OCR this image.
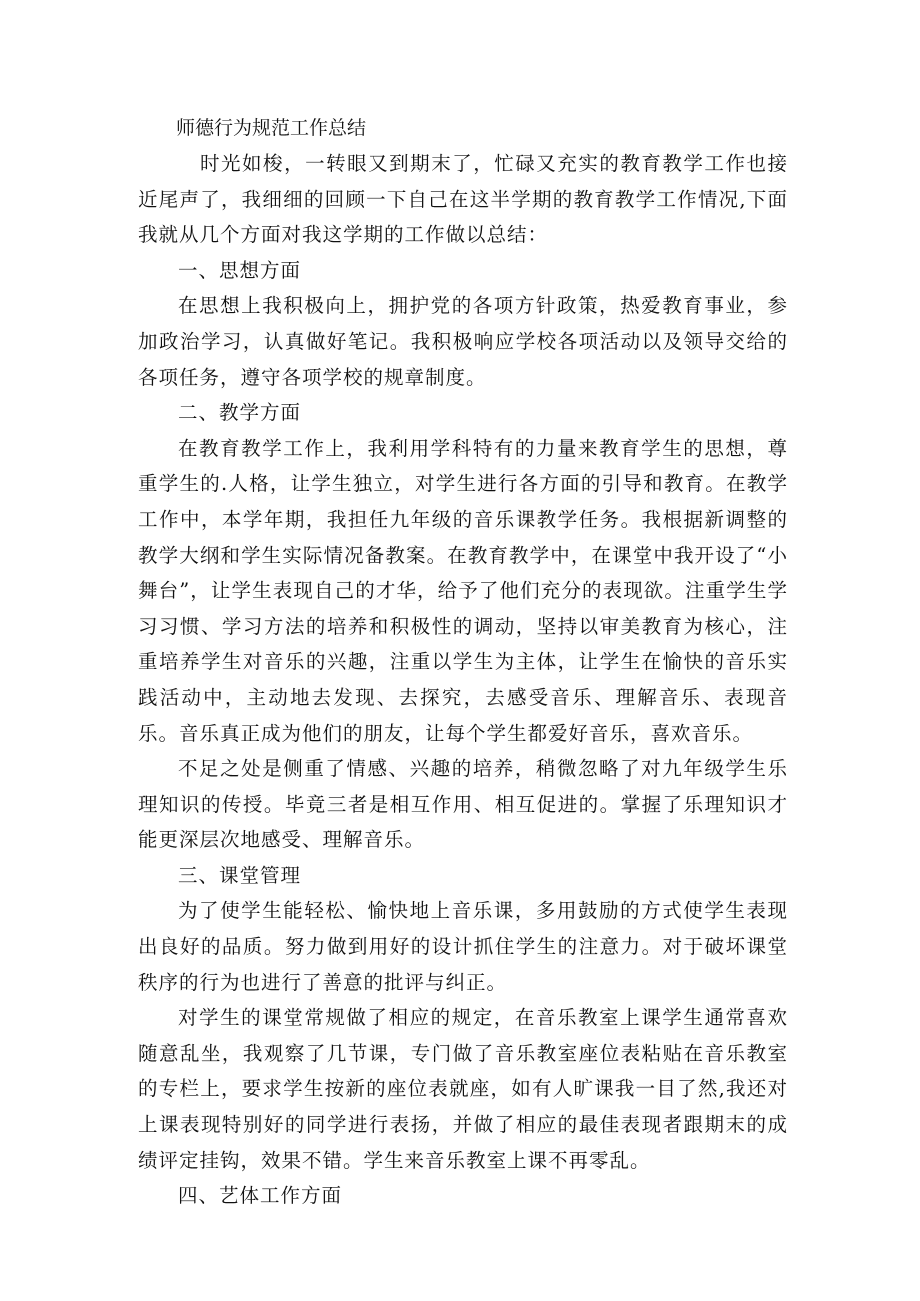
师德行为规范工作总结

时光如梭，一转眼又到期末了，忙碌又充实的教育教学工作也接近尾声了，我细细的回顾一下自己在这半学期的教育教学工作情况,下面我就从几个方面对我这学期的工作做以总结：

一、思想方面

在思想上我积极向上，拥护党的各项方针政策，热爱教育事业，参加政治学习，认真做好笔记。我积极响应学校各项活动以及领导交给的各项任务，遵守各项学校的规章制度。

二、教学方面

在教育教学工作上，我利用学科特有的力量来教育学生的思想，尊重学生的.人格，让学生独立，对学生进行各方面的引导和教育。在教学工作中，本学年期，我担任九年级的音乐课教学任务。我根据新调整的教学大纲和学生实际情况备教案。在教育教学中，在课堂中我开设了“小舞台”，让学生表现自己的才华，给予了他们充分的表现欲。注重学生学习习惯、学习方法的培养和积极性的调动，坚持以审美教育为核心，注重培养学生对音乐的兴趣，注重以学生为主体，让学生在愉快的音乐实践活动中，主动地去发现、去探究，去感受音乐、理解音乐、表现音乐。音乐真正成为他们的朋友，让每个学生都爱好音乐，喜欢音乐。

不足之处是侧重了情感、兴趣的培养，稍微忽略了对九年级学生乐理知识的传授。毕竟三者是相互作用、相互促进的。掌握了乐理知识才能更深层次地感受、理解音乐。

三、课堂管理

为了使学生能轻松、愉快地上音乐课，多用鼓励的方式使学生表现出良好的品质。努力做到用好的设计抓住学生的注意力。对于破坏课堂秩序的行为也进行了善意的批评与纠正。

对学生的课堂常规做了相应的规定，在音乐教室上课学生通常喜欢随意乱坐，我观察了几节课，专门做了音乐教室座位表粘贴在音乐教室的专栏上，要求学生按新的座位表就座，如有人旷课我一目了然,我还对上课表现特别好的同学进行表扬，并做了相应的最佳表现者跟期末的成绩评定挂钩，效果不错。学生来音乐教室上课不再零乱。

四、艺体工作方面
